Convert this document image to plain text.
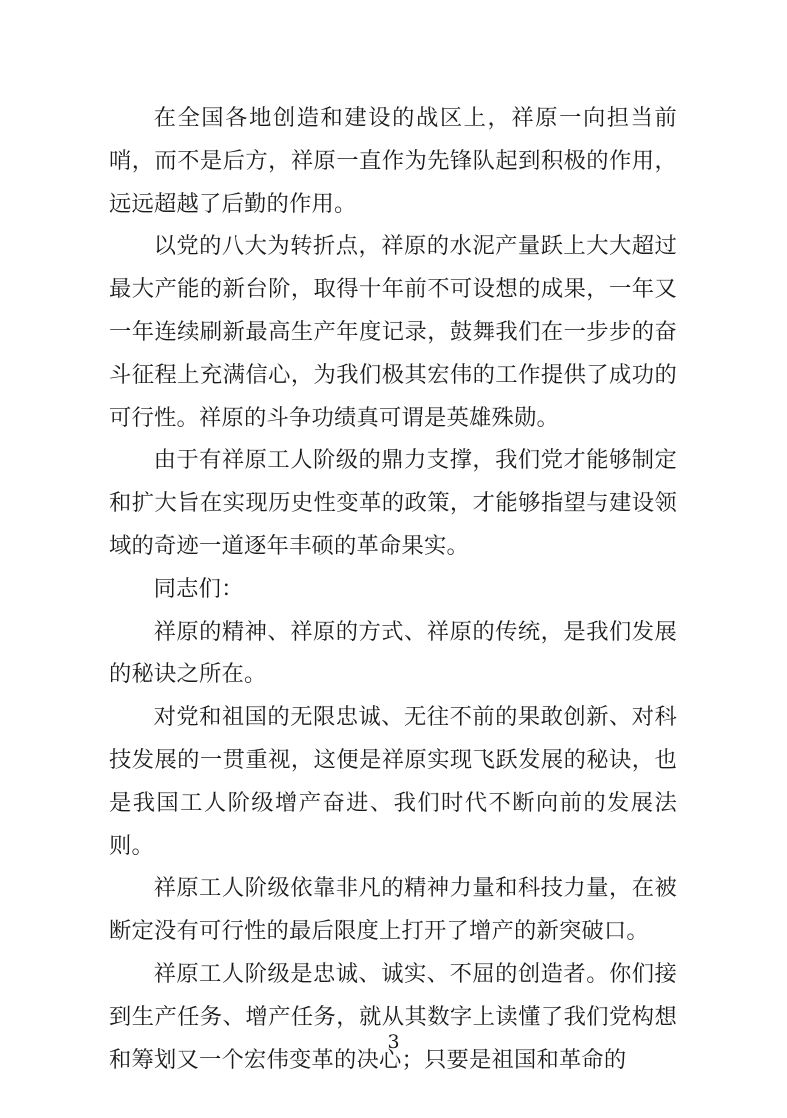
在全国各地创造和建设的战区上，祥原一向担当前哨，而不是后方，祥原一直作为先锋队起到积极的作用，远远超越了后勤的作用。

以党的八大为转折点，祥原的水泥产量跃上大大超过最大产能的新台阶，取得十年前不可设想的成果，一年又一年连续刷新最高生产年度记录，鼓舞我们在一步步的奋斗征程上充满信心，为我们极其宏伟的工作提供了成功的可行性。祥原的斗争功绩真可谓是英雄殊勋。

由于有祥原工人阶级的鼎力支撑，我们党才能够制定和扩大旨在实现历史性变革的政策，才能够指望与建设领域的奇迹一道逐年丰硕的革命果实。

同志们：

祥原的精神、祥原的方式、祥原的传统，是我们发展的秘诀之所在。

对党和祖国的无限忠诚、无往不前的果敢创新、对科技发展的一贯重视，这便是祥原实现飞跃发展的秘诀，也是我国工人阶级增产奋进、我们时代不断向前的发展法则。

祥原工人阶级依靠非凡的精神力量和科技力量，在被断定没有可行性的最后限度上打开了增产的新突破口。

祥原工人阶级是忠诚、诚实、不屈的创造者。你们接到生产任务、增产任务，就从其数字上读懂了我们党构想和筹划又一个宏伟变革的决心；只要是祖国和革命的

3
